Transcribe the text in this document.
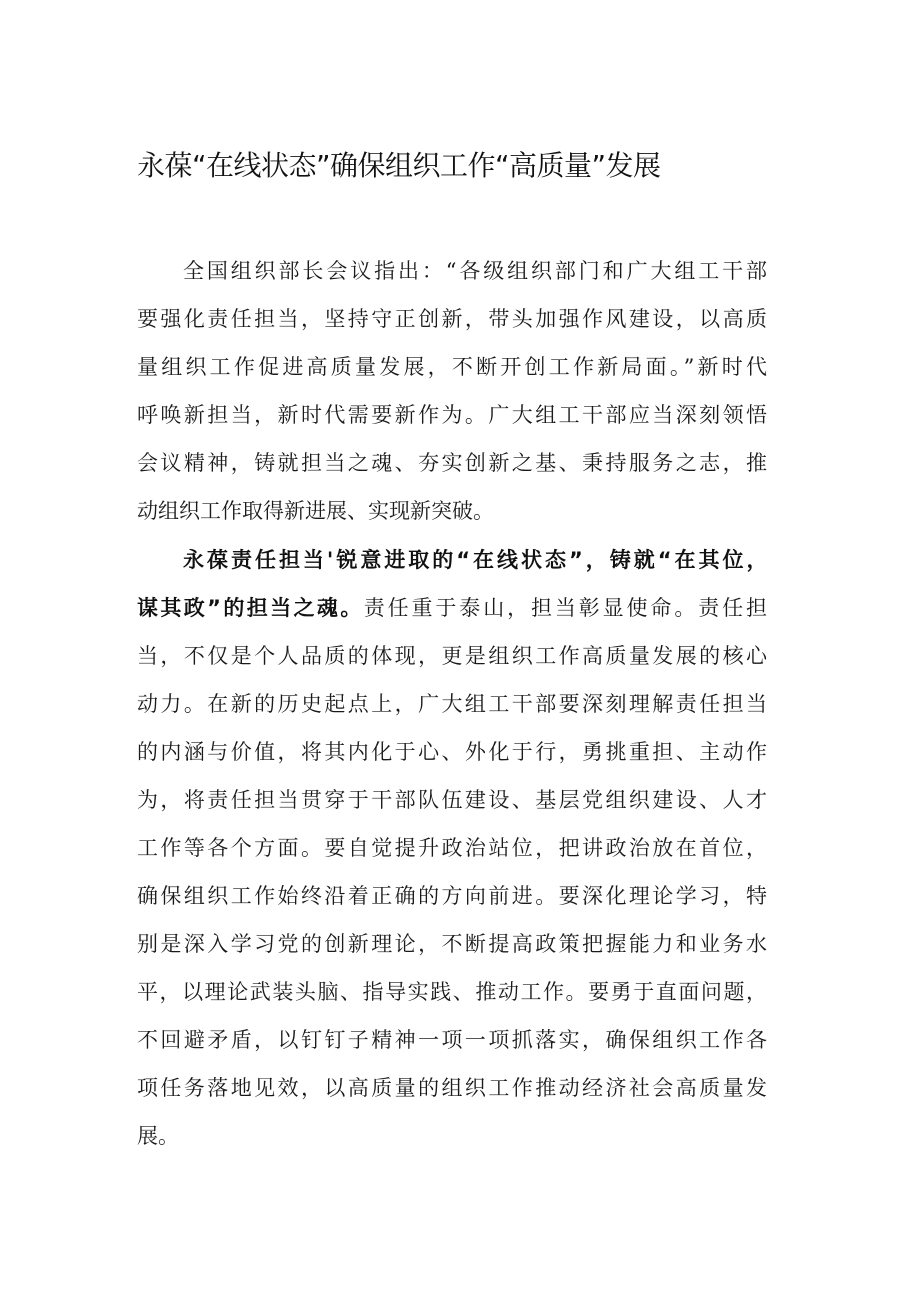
永葆“在线状态”确保组织工作“高质量”发展
全国组织部长会议指出：“各级组织部门和广大组工干部
要强化责任担当，坚持守正创新，带头加强作风建设，以高质
量组织工作促进高质量发展，不断开创工作新局面。”新时代
呼唤新担当，新时代需要新作为。广大组工干部应当深刻领悟
会议精神，铸就担当之魂、夯实创新之基、秉持服务之志，推
动组织工作取得新进展、实现新突破。
永葆责任担当'锐意进取的“在线状态”，铸就“在其位，
谋其政”的担当之魂。责任重于泰山，担当彰显使命。责任担
当，不仅是个人品质的体现，更是组织工作高质量发展的核心
动力。在新的历史起点上，广大组工干部要深刻理解责任担当
的内涵与价值，将其内化于心、外化于行，勇挑重担、主动作
为，将责任担当贯穿于干部队伍建设、基层党组织建设、人才
工作等各个方面。要自觉提升政治站位，把讲政治放在首位，
确保组织工作始终沿着正确的方向前进。要深化理论学习，特
别是深入学习党的创新理论，不断提高政策把握能力和业务水
平，以理论武装头脑、指导实践、推动工作。要勇于直面问题，
不回避矛盾，以钉钉子精神一项一项抓落实，确保组织工作各
项任务落地见效，以高质量的组织工作推动经济社会高质量发
展。
